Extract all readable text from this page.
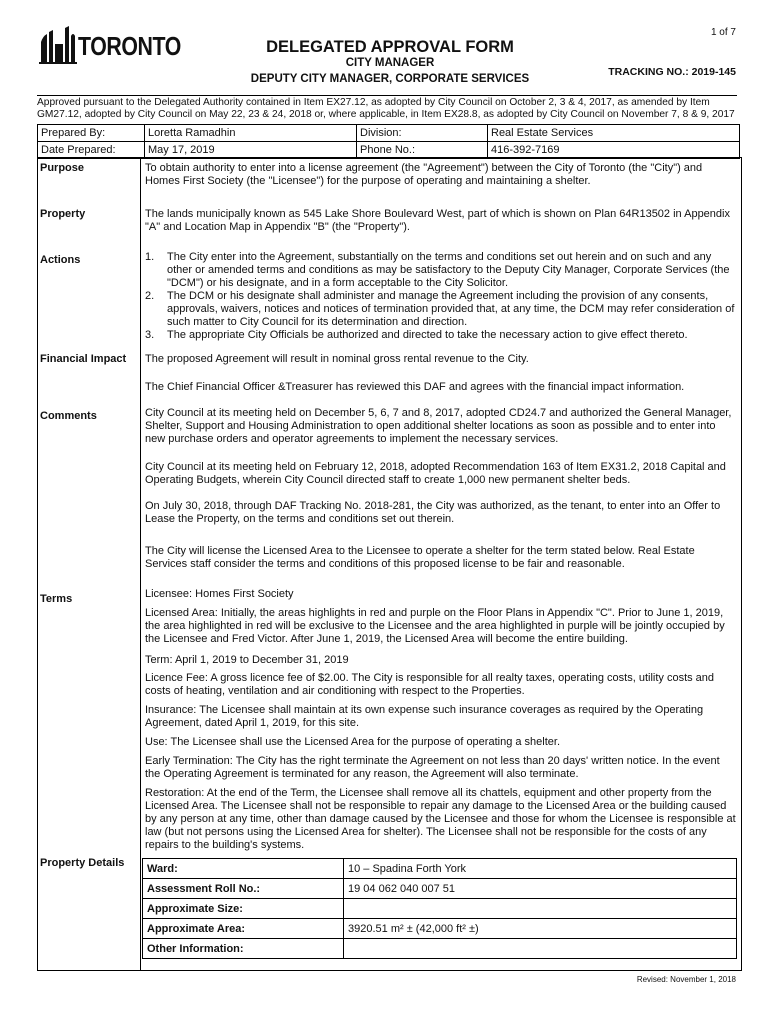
1 of 7
TORONTO	DELEGATED APPROVAL FORM
CITY MANAGER
DEPUTY CITY MANAGER, CORPORATE SERVICES
TRACKING NO.: 2019-145
Approved pursuant to the Delegated Authority contained in Item EX27.12, as adopted by City Council on October 2, 3 & 4, 2017, as amended by Item GM27.12, adopted by City Council on May 22, 23 & 24, 2018 or, where applicable, in Item EX28.8, as adopted by City Council on November 7, 8 & 9, 2017
Prepared By:	Loretta Ramadhin	Division:	Real Estate Services
Date Prepared:	May 17, 2019	Phone No.:	416-392-7169
Purpose	To obtain authority to enter into a license agreement (the "Agreement") between the City of Toronto (the "City") and Homes First Society (the "Licensee") for the purpose of operating and maintaining a shelter.
Property	The lands municipally known as 545 Lake Shore Boulevard West, part of which is shown on Plan 64R13502 in Appendix "A" and Location Map in Appendix "B" (the "Property").
Actions	1. The City enter into the Agreement, substantially on the terms and conditions set out herein and on such and any other or amended terms and conditions as may be satisfactory to the Deputy City Manager, Corporate Services (the "DCM") or his designate, and in a form acceptable to the City Solicitor.
2. The DCM or his designate shall administer and manage the Agreement including the provision of any consents, approvals, waivers, notices and notices of termination provided that, at any time, the DCM may refer consideration of such matter to City Council for its determination and direction.
3. The appropriate City Officials be authorized and directed to take the necessary action to give effect thereto.
Financial Impact The proposed Agreement will result in nominal gross rental revenue to the City.
The Chief Financial Officer &Treasurer has reviewed this DAF and agrees with the financial impact information.
Comments	City Council at its meeting held on December 5, 6, 7 and 8, 2017, adopted CD24.7 and authorized the General Manager, Shelter, Support and Housing Administration to open additional shelter locations as soon as possible and to enter into new purchase orders and operator agreements to implement the necessary services.
City Council at its meeting held on February 12, 2018, adopted Recommendation 163 of Item EX31.2, 2018 Capital and Operating Budgets, wherein City Council directed staff to create 1,000 new permanent shelter beds.
On July 30, 2018, through DAF Tracking No. 2018-281, the City was authorized, as the tenant, to enter into an Offer to Lease the Property, on the terms and conditions set out therein.
The City will license the Licensed Area to the Licensee to operate a shelter for the term stated below. Real Estate Services staff consider the terms and conditions of this proposed license to be fair and reasonable.
Terms	Licensee: Homes First Society
Licensed Area: Initially, the areas highlights in red and purple on the Floor Plans in Appendix "C". Prior to June 1, 2019, the area highlighted in red will be exclusive to the Licensee and the area highlighted in purple will be jointly occupied by the Licensee and Fred Victor. After June 1, 2019, the Licensed Area will become the entire building.
Term: April 1, 2019 to December 31, 2019
Licence Fee: A gross licence fee of $2.00. The City is responsible for all realty taxes, operating costs, utility costs and costs of heating, ventilation and air conditioning with respect to the Properties.
Insurance: The Licensee shall maintain at its own expense such insurance coverages as required by the Operating Agreement, dated April 1, 2019, for this site.
Use: The Licensee shall use the Licensed Area for the purpose of operating a shelter.
Early Termination: The City has the right terminate the Agreement on not less than 20 days' written notice. In the event the Operating Agreement is terminated for any reason, the Agreement will also terminate.
Restoration: At the end of the Term, the Licensee shall remove all its chattels, equipment and other property from the Licensed Area. The Licensee shall not be responsible to repair any damage to the Licensed Area or the building caused by any person at any time, other than damage caused by the Licensee and those for whom the Licensee is responsible at law (but not persons using the Licensed Area for shelter). The Licensee shall not be responsible for the costs of any repairs to the building's systems.
Property Details Ward:	10 – Spadina Forth York
Assessment Roll No.:	19 04 062 040 007 51
Approximate Size:	
Approximate Area:	3920.51 m² ± (42,000 ft² ±)
Other Information:	
Revised: November 1, 2018
